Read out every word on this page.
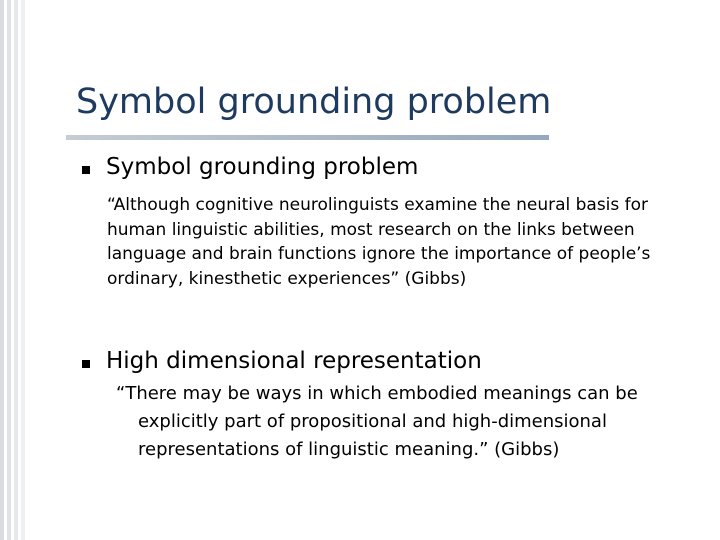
Symbol grounding problem
Symbol grounding problem
“Although cognitive neurolinguists examine the neural basis for human linguistic abilities, most research on the links between language and brain functions ignore the importance of people’s ordinary, kinesthetic experiences” (Gibbs)
High dimensional representation
“There may be ways in which embodied meanings can be explicitly part of propositional and high-dimensional representations of linguistic meaning.” (Gibbs)
